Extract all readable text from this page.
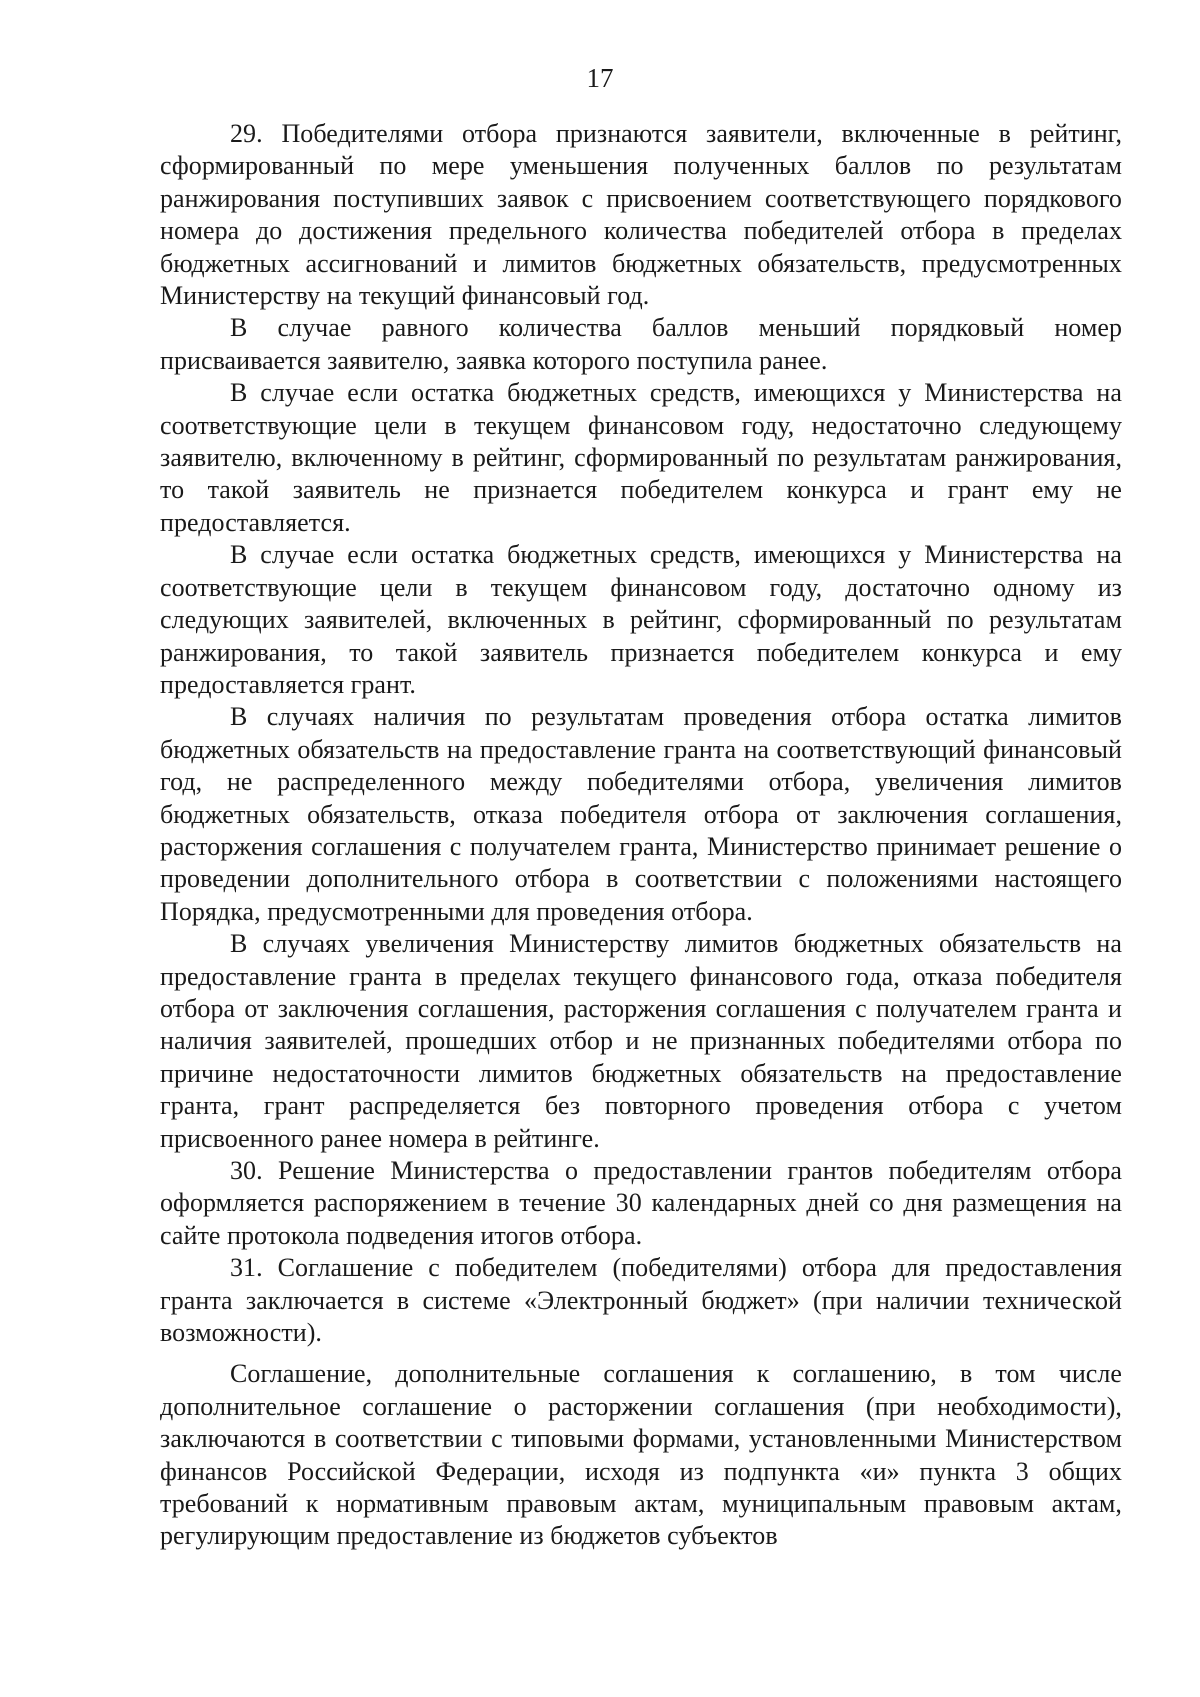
17

29. Победителями отбора признаются заявители, включенные в рейтинг, сформированный по мере уменьшения полученных баллов по результатам ранжирования поступивших заявок с присвоением соответствующего порядкового номера до достижения предельного количества победителей отбора в пределах бюджетных ассигнований и лимитов бюджетных обязательств, предусмотренных Министерству на текущий финансовый год.

В случае равного количества баллов меньший порядковый номер присваивается заявителю, заявка которого поступила ранее.

В случае если остатка бюджетных средств, имеющихся у Министерства на соответствующие цели в текущем финансовом году, недостаточно следующему заявителю, включенному в рейтинг, сформированный по результатам ранжирования, то такой заявитель не признается победителем конкурса и грант ему не предоставляется.

В случае если остатка бюджетных средств, имеющихся у Министерства на соответствующие цели в текущем финансовом году, достаточно одному из следующих заявителей, включенных в рейтинг, сформированный по результатам ранжирования, то такой заявитель признается победителем конкурса и ему предоставляется грант.

В случаях наличия по результатам проведения отбора остатка лимитов бюджетных обязательств на предоставление гранта на соответствующий финансовый год, не распределенного между победителями отбора, увеличения лимитов бюджетных обязательств, отказа победителя отбора от заключения соглашения, расторжения соглашения с получателем гранта, Министерство принимает решение о проведении дополнительного отбора в соответствии с положениями настоящего Порядка, предусмотренными для проведения отбора.

В случаях увеличения Министерству лимитов бюджетных обязательств на предоставление гранта в пределах текущего финансового года, отказа победителя отбора от заключения соглашения, расторжения соглашения с получателем гранта и наличия заявителей, прошедших отбор и не признанных победителями отбора по причине недостаточности лимитов бюджетных обязательств на предоставление гранта, грант распределяется без повторного проведения отбора с учетом присвоенного ранее номера в рейтинге.

30. Решение Министерства о предоставлении грантов победителям отбора оформляется распоряжением в течение 30 календарных дней со дня размещения на сайте протокола подведения итогов отбора.

31. Соглашение с победителем (победителями) отбора для предоставления гранта заключается в системе «Электронный бюджет» (при наличии технической возможности).

Соглашение, дополнительные соглашения к соглашению, в том числе дополнительное соглашение о расторжении соглашения (при необходимости), заключаются в соответствии с типовыми формами, установленными Министерством финансов Российской Федерации, исходя из подпункта «и» пункта 3 общих требований к нормативным правовым актам, муниципальным правовым актам, регулирующим предоставление из бюджетов субъектов
